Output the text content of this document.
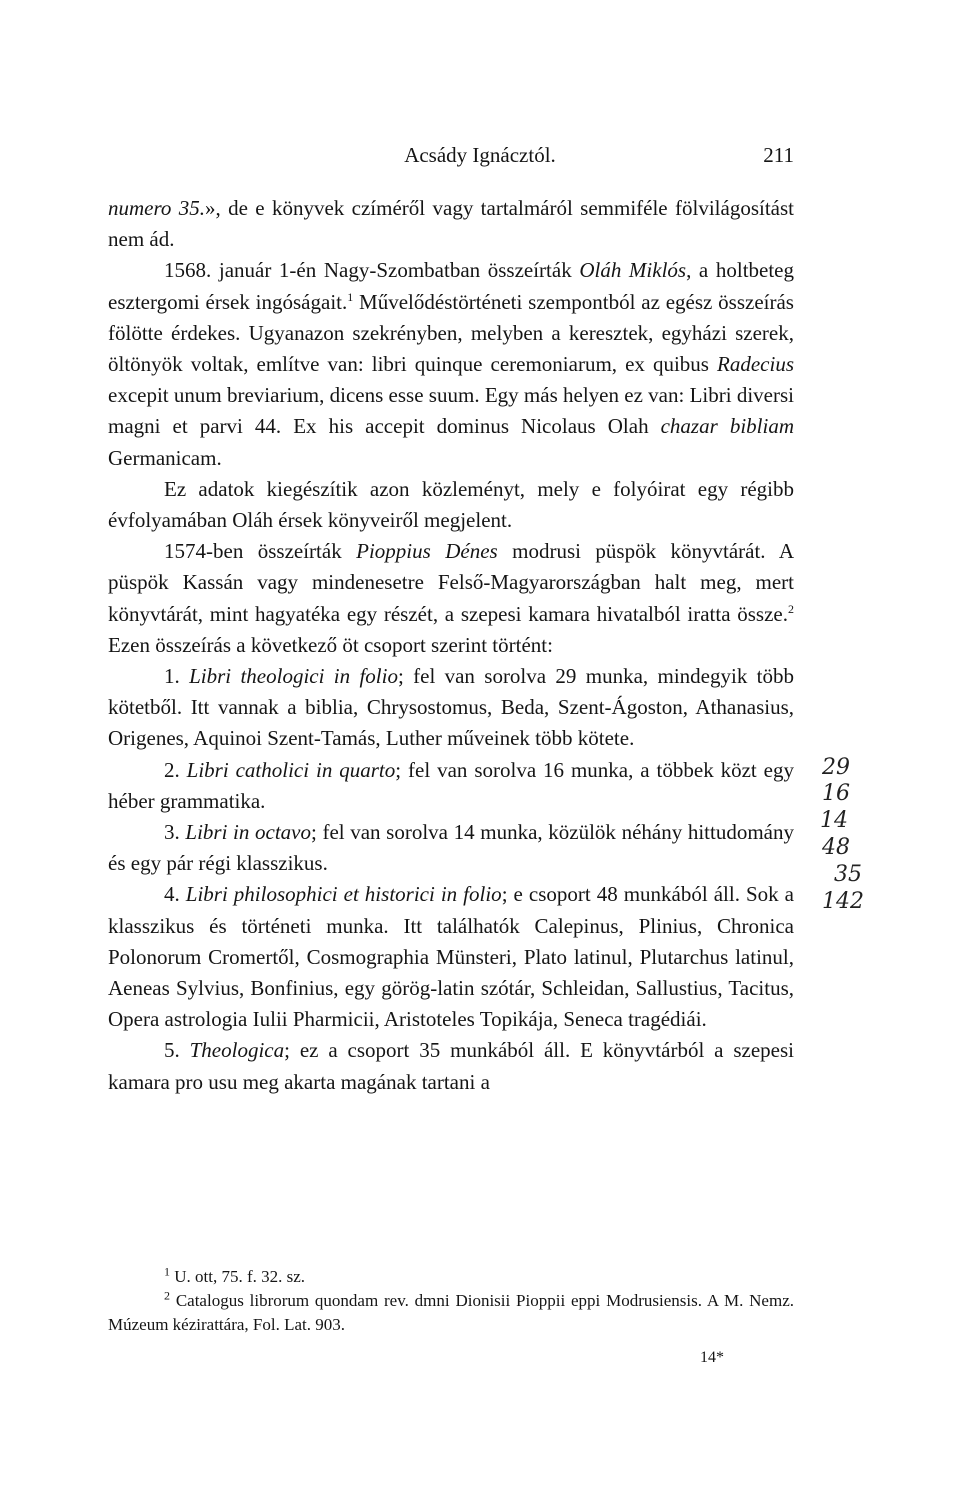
Acsády Ignácztól.	211

numero 35.», de e könyvek czíméről vagy tartalmáról semmiféle fölvilágosítást nem ád.

1568. január 1-én Nagy-Szombatban összeírták Oláh Miklós, a holtbeteg esztergomi érsek ingóságait.$^1$ Művelődéstörténeti szempontból az egész összeírás fölötte érdekes. Ugyanazon szekrényben, melyben a keresztek, egyházi szerek, öltönyök voltak, említve van: libri quinque ceremoniarum, ex quibus Radecius excepit unum breviarium, dicens esse suum. Egy más helyen ez van: Libri diversi magni et parvi 44. Ex his accepit dominus Nicolaus Olah chazar bibliam Germanicam.

Ez adatok kiegészítik azon közleményt, mely e folyóirat egy régibb évfolyamában Oláh érsek könyveiről megjelent.

1574-ben összeírták Pioppius Dénes modrusi püspök könyvtárát. A püspök Kassán vagy mindenesetre Felső-Magyarországban halt meg, mert könyvtárát, mint hagyatéka egy részét, a szepesi kamara hivatalból iratta össze.$^2$ Ezen összeírás a következő öt csoport szerint történt:

1. Libri theologici in folio; fel van sorolva 29 munka, mindegyik több kötetből. Itt vannak a biblia, Chrysostomus, Beda, Szent-Ágoston, Athanasius, Origenes, Aquinoi Szent-Tamás, Luther műveinek több kötete.

2. Libri catholici in quarto; fel van sorolva 16 munka, a többek közt egy héber grammatika.

3. Libri in octavo; fel van sorolva 14 munka, közülök néhány hittudomány és egy pár régi klasszikus.

4. Libri philosophici et historici in folio; e csoport 48 munkából áll. Sok a klasszikus és történeti munka. Itt találhatók Calepinus, Plinius, Chronica Polonorum Cromertől, Cosmographia Münsteri, Plato latinul, Plutarchus latinul, Aeneas Sylvius, Bonfinius, egy görög-latin szótár, Schleidan, Sallustius, Tacitus, Opera astrologia Iulii Pharmicii, Aristoteles Topikája, Seneca tragédiái.

5. Theologica; ez a csoport 35 munkából áll. E könyvtárból a szepesi kamara pro usu meg akarta magának tartani a

$^1$ U. ott, 75. f. 32. sz.

$^2$ Catalogus librorum quondam rev. dmni Dionisii Pioppii eppi Modrusiensis. A M. Nemz. Múzeum kézirattára, Fol. Lat. 903.

14*
29
16
14
48
35
142
